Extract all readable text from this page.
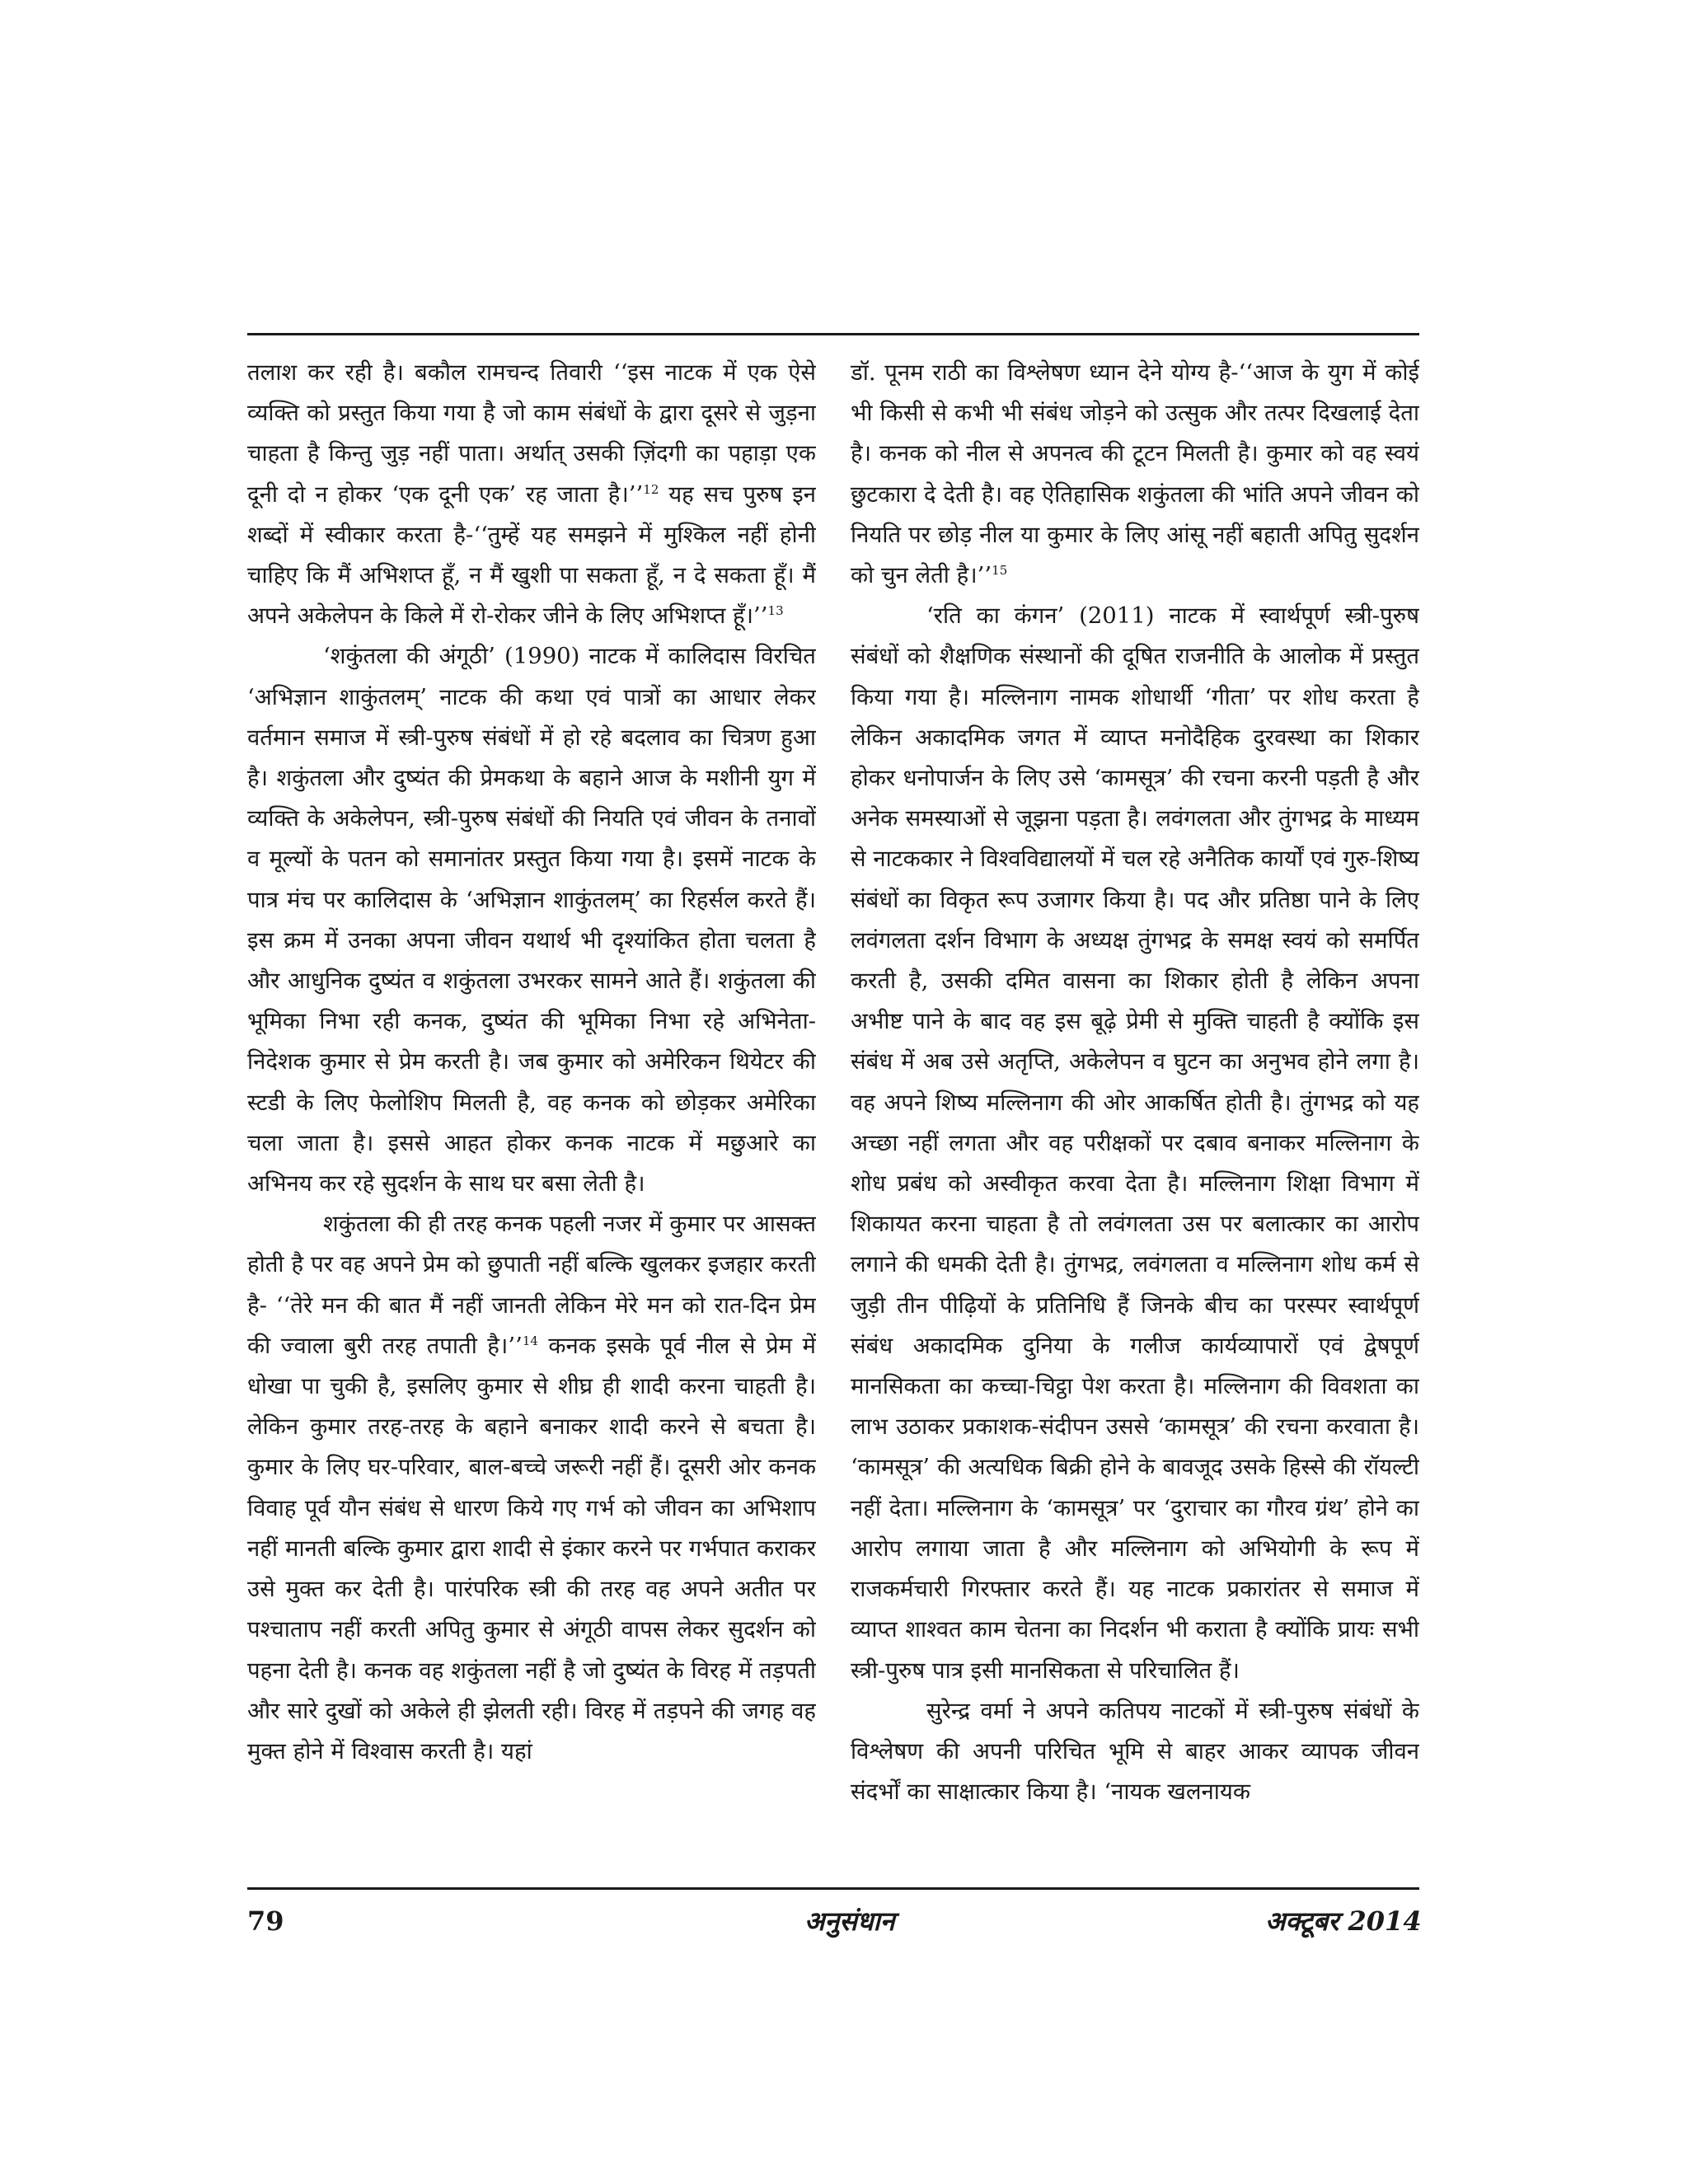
तलाश कर रही है। बकौल रामचन्द तिवारी ‘‘इस नाटक में एक ऐसे व्यक्ति को प्रस्तुत किया गया है जो काम संबंधों के द्वारा दूसरे से जुड़ना चाहता है किन्तु जुड़ नहीं पाता। अर्थात् उसकी ज़िंदगी का पहाड़ा एक दूनी दो न होकर ‘एक दूनी एक’ रह जाता है।’’$^{12}$ यह सच पुरुष इन शब्दों में स्वीकार करता है-‘‘तुम्हें यह समझने में मुश्किल नहीं होनी चाहिए कि मैं अभिशप्त हूँ, न मैं खुशी पा सकता हूँ, न दे सकता हूँ। मैं अपने अकेलेपन के किले में रो-रोकर जीने के लिए अभिशप्त हूँ।’’$^{13}$

‘शकुंतला की अंगूठी’ (1990) नाटक में कालिदास विरचित ‘अभिज्ञान शाकुंतलम्’ नाटक की कथा एवं पात्रों का आधार लेकर वर्तमान समाज में स्त्री-पुरुष संबंधों में हो रहे बदलाव का चित्रण हुआ है। शकुंतला और दुष्यंत की प्रेमकथा के बहाने आज के मशीनी युग में व्यक्ति के अकेलेपन, स्त्री-पुरुष संबंधों की नियति एवं जीवन के तनावों व मूल्यों के पतन को समानांतर प्रस्तुत किया गया है। इसमें नाटक के पात्र मंच पर कालिदास के ‘अभिज्ञान शाकुंतलम्’ का रिहर्सल करते हैं। इस क्रम में उनका अपना जीवन यथार्थ भी दृश्यांकित होता चलता है और आधुनिक दुष्यंत व शकुंतला उभरकर सामने आते हैं। शकुंतला की भूमिका निभा रही कनक, दुष्यंत की भूमिका निभा रहे अभिनेता-निदेशक कुमार से प्रेम करती है। जब कुमार को अमेरिकन थियेटर की स्टडी के लिए फेलोशिप मिलती है, वह कनक को छोड़कर अमेरिका चला जाता है। इससे आहत होकर कनक नाटक में मछुआरे का अभिनय कर रहे सुदर्शन के साथ घर बसा लेती है।

शकुंतला की ही तरह कनक पहली नजर में कुमार पर आसक्त होती है पर वह अपने प्रेम को छुपाती नहीं बल्कि खुलकर इजहार करती है- ‘‘तेरे मन की बात मैं नहीं जानती लेकिन मेरे मन को रात-दिन प्रेम की ज्वाला बुरी तरह तपाती है।’’$^{14}$ कनक इसके पूर्व नील से प्रेम में धोखा पा चुकी है, इसलिए कुमार से शीघ्र ही शादी करना चाहती है। लेकिन कुमार तरह-तरह के बहाने बनाकर शादी करने से बचता है। कुमार के लिए घर-परिवार, बाल-बच्चे जरूरी नहीं हैं। दूसरी ओर कनक विवाह पूर्व यौन संबंध से धारण किये गए गर्भ को जीवन का अभिशाप नहीं मानती बल्कि कुमार द्वारा शादी से इंकार करने पर गर्भपात कराकर उसे मुक्त कर देती है। पारंपरिक स्त्री की तरह वह अपने अतीत पर पश्चाताप नहीं करती अपितु कुमार से अंगूठी वापस लेकर सुदर्शन को पहना देती है। कनक वह शकुंतला नहीं है जो दुष्यंत के विरह में तड़पती और सारे दुखों को अकेले ही झेलती रही। विरह में तड़पने की जगह वह मुक्त होने में विश्वास करती है। यहां

डॉ. पूनम राठी का विश्लेषण ध्यान देने योग्य है-‘‘आज के युग में कोई भी किसी से कभी भी संबंध जोड़ने को उत्सुक और तत्पर दिखलाई देता है। कनक को नील से अपनत्व की टूटन मिलती है। कुमार को वह स्वयं छुटकारा दे देती है। वह ऐतिहासिक शकुंतला की भांति अपने जीवन को नियति पर छोड़ नील या कुमार के लिए आंसू नहीं बहाती अपितु सुदर्शन को चुन लेती है।’’$^{15}$

‘रति का कंगन’ (2011) नाटक में स्वार्थपूर्ण स्त्री-पुरुष संबंधों को शैक्षणिक संस्थानों की दूषित राजनीति के आलोक में प्रस्तुत किया गया है। मल्लिनाग नामक शोधार्थी ‘गीता’ पर शोध करता है लेकिन अकादमिक जगत में व्याप्त मनोदैहिक दुरवस्था का शिकार होकर धनोपार्जन के लिए उसे ‘कामसूत्र’ की रचना करनी पड़ती है और अनेक समस्याओं से जूझना पड़ता है। लवंगलता और तुंगभद्र के माध्यम से नाटककार ने विश्वविद्यालयों में चल रहे अनैतिक कार्यों एवं गुरु-शिष्य संबंधों का विकृत रूप उजागर किया है। पद और प्रतिष्ठा पाने के लिए लवंगलता दर्शन विभाग के अध्यक्ष तुंगभद्र के समक्ष स्वयं को समर्पित करती है, उसकी दमित वासना का शिकार होती है लेकिन अपना अभीष्ट पाने के बाद वह इस बूढ़े प्रेमी से मुक्ति चाहती है क्योंकि इस संबंध में अब उसे अतृप्ति, अकेलेपन व घुटन का अनुभव होने लगा है। वह अपने शिष्य मल्लिनाग की ओर आकर्षित होती है। तुंगभद्र को यह अच्छा नहीं लगता और वह परीक्षकों पर दबाव बनाकर मल्लिनाग के शोध प्रबंध को अस्वीकृत करवा देता है। मल्लिनाग शिक्षा विभाग में शिकायत करना चाहता है तो लवंगलता उस पर बलात्कार का आरोप लगाने की धमकी देती है। तुंगभद्र, लवंगलता व मल्लिनाग शोध कर्म से जुड़ी तीन पीढ़ियों के प्रतिनिधि हैं जिनके बीच का परस्पर स्वार्थपूर्ण संबंध अकादमिक दुनिया के गलीज कार्यव्यापारों एवं द्वेषपूर्ण मानसिकता का कच्चा-चिट्ठा पेश करता है। मल्लिनाग की विवशता का लाभ उठाकर प्रकाशक-संदीपन उससे ‘कामसूत्र’ की रचना करवाता है। ‘कामसूत्र’ की अत्यधिक बिक्री होने के बावजूद उसके हिस्से की रॉयल्टी नहीं देता। मल्लिनाग के ‘कामसूत्र’ पर ‘दुराचार का गौरव ग्रंथ’ होने का आरोप लगाया जाता है और मल्लिनाग को अभियोगी के रूप में राजकर्मचारी गिरफ्तार करते हैं। यह नाटक प्रकारांतर से समाज में व्याप्त शाश्वत काम चेतना का निदर्शन भी कराता है क्योंकि प्रायः सभी स्त्री-पुरुष पात्र इसी मानसिकता से परिचालित हैं।

सुरेन्द्र वर्मा ने अपने कतिपय नाटकों में स्त्री-पुरुष संबंधों के विश्लेषण की अपनी परिचित भूमि से बाहर आकर व्यापक जीवन संदर्भों का साक्षात्कार किया है। ‘नायक खलनायक

79	अनुसंधान	अक्टूबर 2014
